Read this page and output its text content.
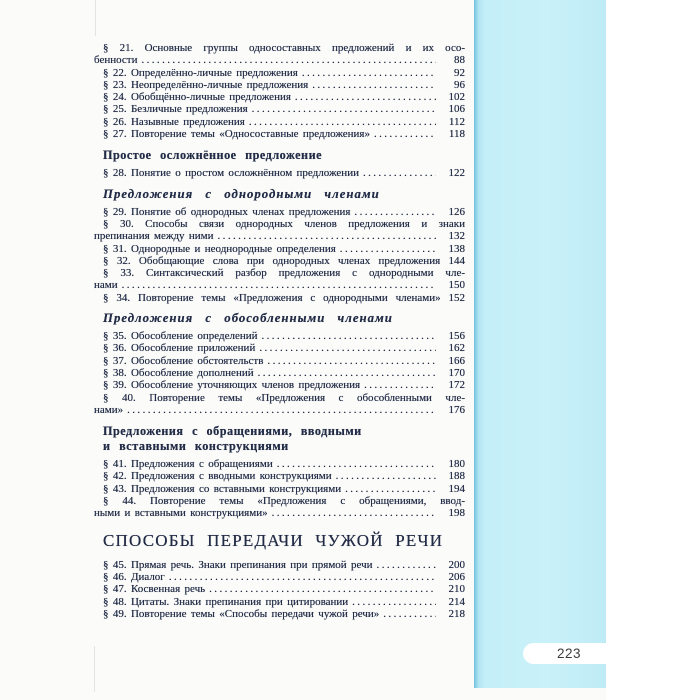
§ 21. Основные группы односоставных предложений и их осо-
бенности .....	88
§ 22. Определённо-личные предложения .....	92
§ 23. Неопределённо-личные предложения .....	96
§ 24. Обобщённо-личные предложения .....	102
§ 25. Безличные предложения .....	106
§ 26. Назывные предложения .....	112
§ 27. Повторение темы «Односоставные предложения» .....	118
Простое осложнённое предложение
§ 28. Понятие о простом осложнённом предложении .....	122
Предложения с однородными членами
§ 29. Понятие об однородных членах предложения .....	126
§ 30. Способы связи однородных членов предложения и знаки
препинания между ними .....	132
§ 31. Однородные и неоднородные определения .....	138
§ 32. Обобщающие слова при однородных членах предложения 144
§ 33. Синтаксический разбор предложения с однородными чле-
нами .....	150
§ 34. Повторение темы «Предложения с однородными членами» 152
Предложения с обособленными членами
§ 35. Обособление определений .....	156
§ 36. Обособление приложений .....	162
§ 37. Обособление обстоятельств .....	166
§ 38. Обособление дополнений .....	170
§ 39. Обособление уточняющих членов предложения .....	172
§ 40. Повторение темы «Предложения с обособленными чле-
нами» .....	176
Предложения с обращениями, вводными
и вставными конструкциями
§ 41. Предложения с обращениями .....	180
§ 42. Предложения с вводными конструкциями .....	188
§ 43. Предложения со вставными конструкциями .....	194
§ 44. Повторение темы «Предложения с обращениями, ввод-
ными и вставными конструкциями» .....	198
СПОСОБЫ ПЕРЕДАЧИ ЧУЖОЙ РЕЧИ
§ 45. Прямая речь. Знаки препинания при прямой речи .....	200
§ 46. Диалог .....	206
§ 47. Косвенная речь .....	210
§ 48. Цитаты. Знаки препинания при цитировании .....	214
§ 49. Повторение темы «Способы передачи чужой речи» .....	218
223
